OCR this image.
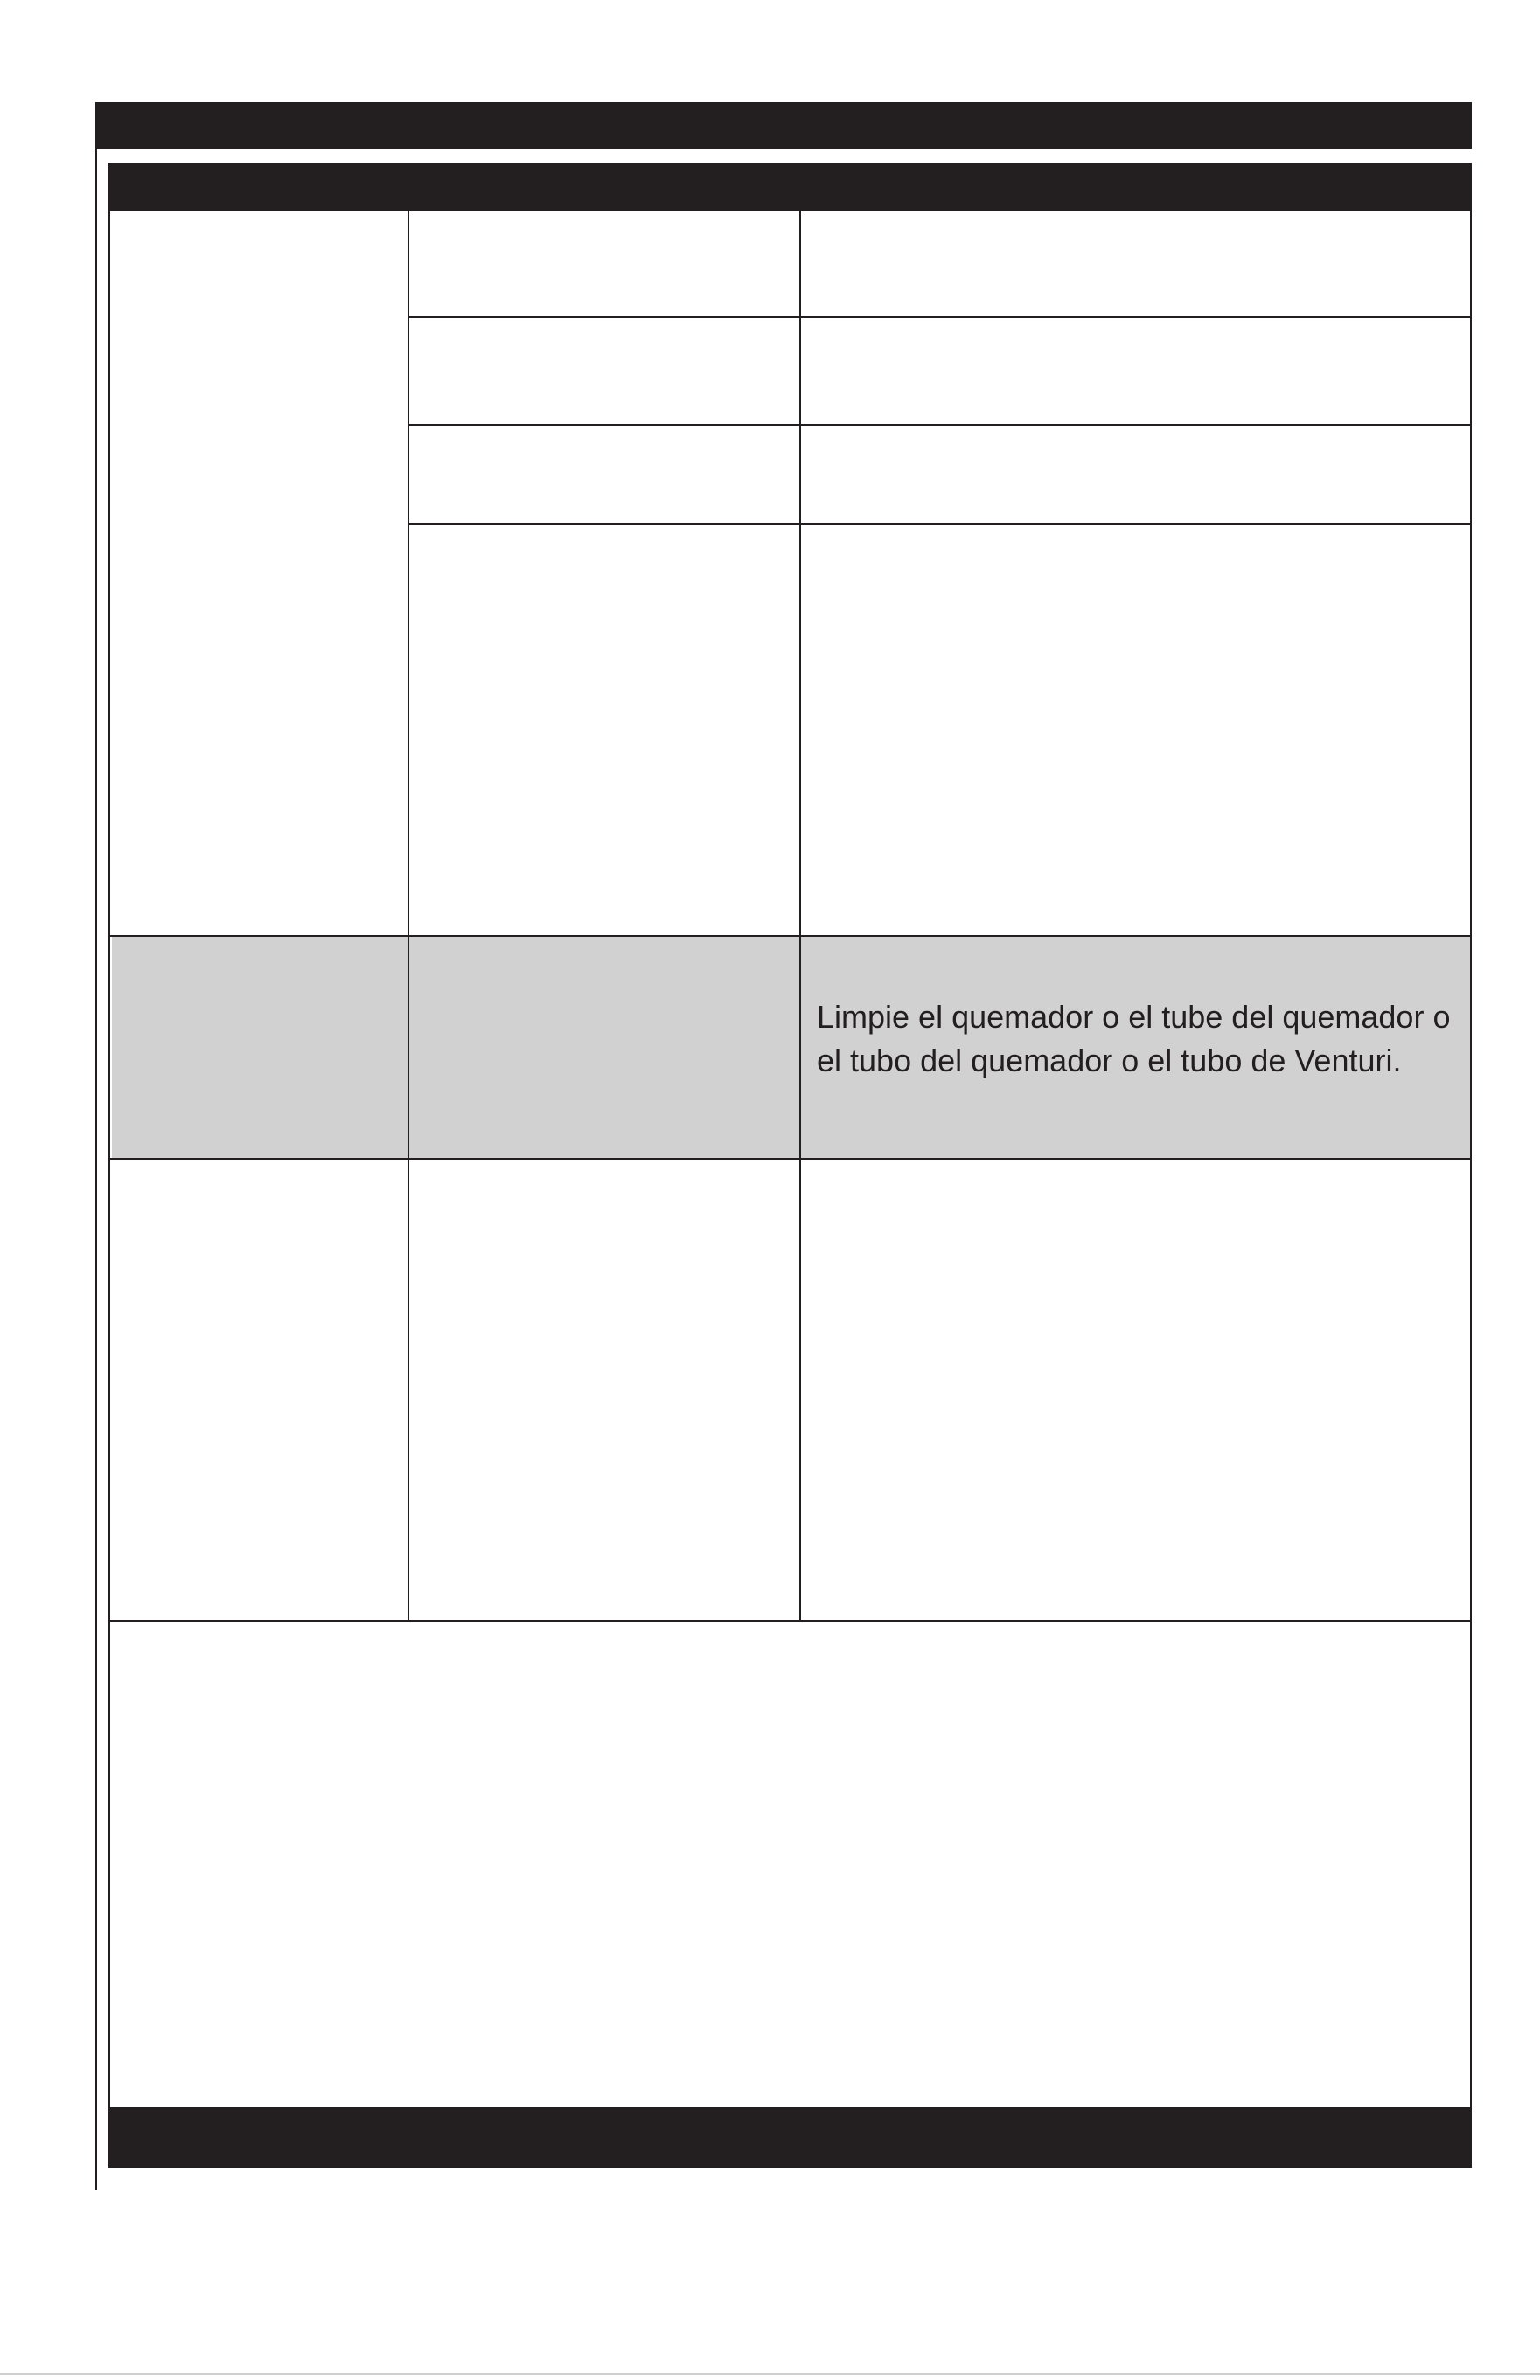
Limpie el quemador o el tube del quemador o el tubo del quemador o el tubo de Venturi.
